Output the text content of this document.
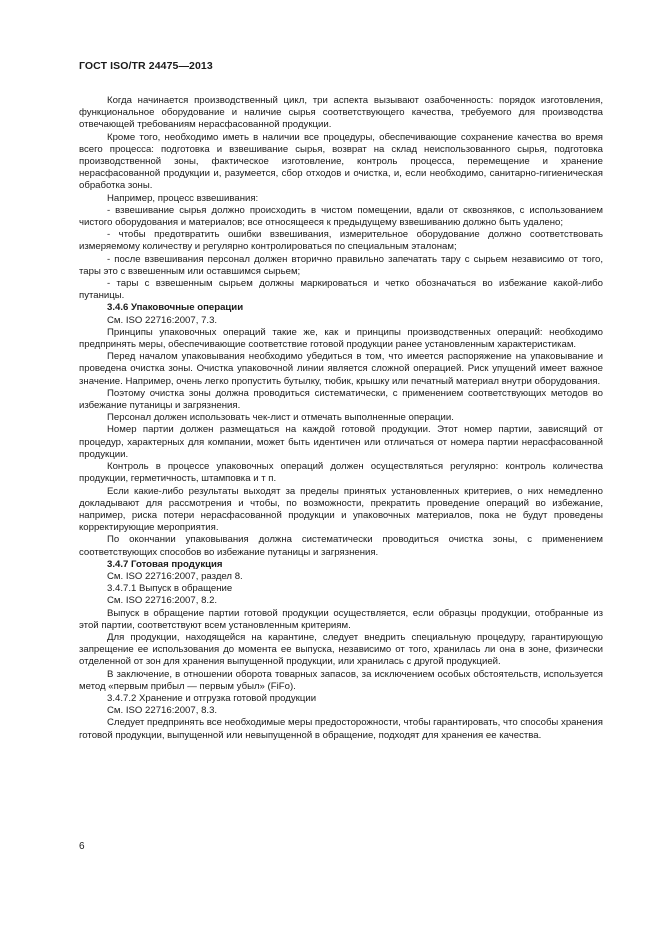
ГОСТ ISO/TR 24475—2013

Когда начинается производственный цикл, три аспекта вызывают озабоченность: порядок изготовления, функциональное оборудование и наличие сырья соответствующего качества, требуемого для производства отвечающей требованиям нерасфасованной продукции.

Кроме того, необходимо иметь в наличии все процедуры, обеспечивающие сохранение качества во время всего процесса: подготовка и взвешивание сырья, возврат на склад неиспользованного сырья, подготовка производственной зоны, фактическое изготовление, контроль процесса, перемещение и хранение нерасфасованной продукции и, разумеется, сбор отходов и очистка, и, если необходимо, санитарно-гигиеническая обработка зоны.

Например, процесс взвешивания:

- взвешивание сырья должно происходить в чистом помещении, вдали от сквозняков, с использованием чистого оборудования и материалов; все относящееся к предыдущему взвешиванию должно быть удалено;

- чтобы предотвратить ошибки взвешивания, измерительное оборудование должно соответствовать измеряемому количеству и регулярно контролироваться по специальным эталонам;

- после взвешивания персонал должен вторично правильно запечатать тару с сырьем независимо от того, тары это с взвешенным или оставшимся сырьем;

- тары с взвешенным сырьем должны маркироваться и четко обозначаться во избежание какой-либо путаницы.

3.4.6 Упаковочные операции

См. ISO 22716:2007, 7.3.

Принципы упаковочных операций такие же, как и принципы производственных операций: необходимо предпринять меры, обеспечивающие соответствие готовой продукции ранее установленным характеристикам.

Перед началом упаковывания необходимо убедиться в том, что имеется распоряжение на упаковывание и проведена очистка зоны. Очистка упаковочной линии является сложной операцией. Риск упущений имеет важное значение. Например, очень легко пропустить бутылку, тюбик, крышку или печатный материал внутри оборудования.

Поэтому очистка зоны должна проводиться систематически, с применением соответствующих методов во избежание путаницы и загрязнения.

Персонал должен использовать чек-лист и отмечать выполненные операции.

Номер партии должен размещаться на каждой готовой продукции. Этот номер партии, зависящий от процедур, характерных для компании, может быть идентичен или отличаться от номера партии нерасфасованной продукции.

Контроль в процессе упаковочных операций должен осуществляться регулярно: контроль количества продукции, герметичность, штамповка и т п.

Если какие-либо результаты выходят за пределы принятых установленных критериев, о них немедленно докладывают для рассмотрения и чтобы, по возможности, прекратить проведение операций во избежание, например, риска потери нерасфасованной продукции и упаковочных материалов, пока не будут проведены корректирующие мероприятия.

По окончании упаковывания должна систематически проводиться очистка зоны, с применением соответствующих способов во избежание путаницы и загрязнения.

3.4.7 Готовая продукция

См. ISO 22716:2007, раздел 8.

3.4.7.1 Выпуск в обращение

См. ISO 22716:2007, 8.2.

Выпуск в обращение партии готовой продукции осуществляется, если образцы продукции, отобранные из этой партии, соответствуют всем установленным критериям.

Для продукции, находящейся на карантине, следует внедрить специальную процедуру, гарантирующую запрещение ее использования до момента ее выпуска, независимо от того, хранилась ли она в зоне, физически отделенной от зон для хранения выпущенной продукции, или хранилась с другой продукцией.

В заключение, в отношении оборота товарных запасов, за исключением особых обстоятельств, используется метод «первым прибыл — первым убыл» (FiFo).

3.4.7.2 Хранение и отгрузка готовой продукции

См. ISO 22716:2007, 8.3.

Следует предпринять все необходимые меры предосторожности, чтобы гарантировать, что способы хранения готовой продукции, выпущенной или невыпущенной в обращение, подходят для хранения ее качества.

6
